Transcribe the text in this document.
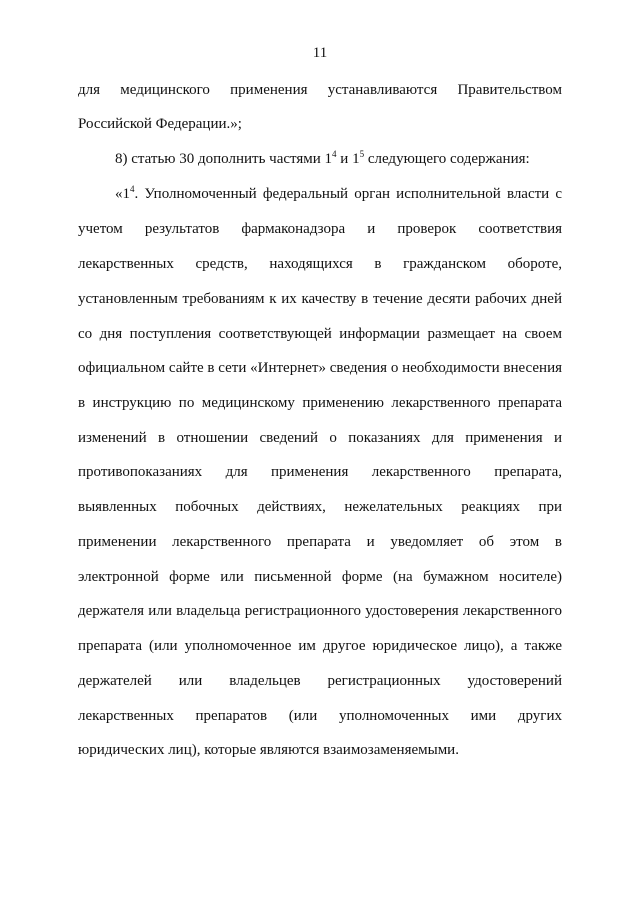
11
для медицинского применения устанавливаются Правительством
Российской Федерации.»;
8) статью 30 дополнить частями $1^4$ и $1^5$ следующего содержания:
«$1^4$. Уполномоченный федеральный орган исполнительной власти с
учетом результатов фармаконадзора и проверок соответствия
лекарственных средств, находящихся в гражданском обороте,
установленным требованиям к их качеству в течение десяти рабочих дней
со дня поступления соответствующей информации размещает на своем
официальном сайте в сети «Интернет» сведения о необходимости внесения
в инструкцию по медицинскому применению лекарственного препарата
изменений в отношении сведений о показаниях для применения и
противопоказаниях для применения лекарственного препарата,
выявленных побочных действиях, нежелательных реакциях при
применении лекарственного препарата и уведомляет об этом в
электронной форме или письменной форме (на бумажном носителе)
держателя или владельца регистрационного удостоверения лекарственного
препарата (или уполномоченное им другое юридическое лицо), а также
держателей или владельцев регистрационных удостоверений
лекарственных препаратов (или уполномоченных ими других
юридических лиц), которые являются взаимозаменяемыми.
